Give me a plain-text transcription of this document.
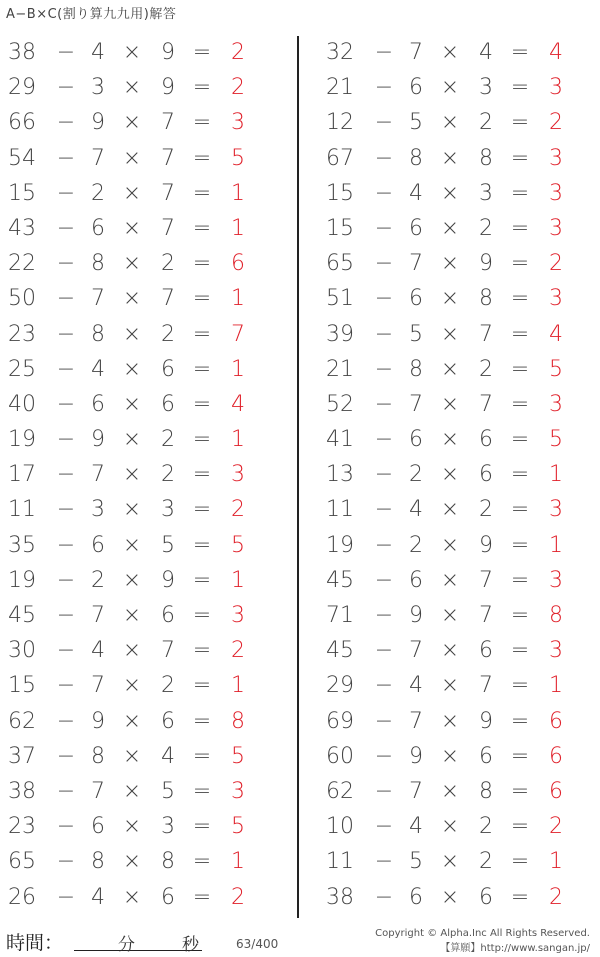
A−B×C(割り算九九用)解答
38 − 4 × 9 = 2
29 − 3 × 9 = 2
66 − 9 × 7 = 3
54 − 7 × 7 = 5
15 − 2 × 7 = 1
43 − 6 × 7 = 1
22 − 8 × 2 = 6
50 − 7 × 7 = 1
23 − 8 × 2 = 7
25 − 4 × 6 = 1
40 − 6 × 6 = 4
19 − 9 × 2 = 1
17 − 7 × 2 = 3
11 − 3 × 3 = 2
35 − 6 × 5 = 5
19 − 2 × 9 = 1
45 − 7 × 6 = 3
30 − 4 × 7 = 2
15 − 7 × 2 = 1
62 − 9 × 6 = 8
37 − 8 × 4 = 5
38 − 7 × 5 = 3
23 − 6 × 3 = 5
65 − 8 × 8 = 1
26 − 4 × 6 = 2
32 − 7 × 4 = 4
21 − 6 × 3 = 3
12 − 5 × 2 = 2
67 − 8 × 8 = 3
15 − 4 × 3 = 3
15 − 6 × 2 = 3
65 − 7 × 9 = 2
51 − 6 × 8 = 3
39 − 5 × 7 = 4
21 − 8 × 2 = 5
52 − 7 × 7 = 3
41 − 6 × 6 = 5
13 − 2 × 6 = 1
11 − 4 × 2 = 3
19 − 2 × 9 = 1
45 − 6 × 7 = 3
71 − 9 × 7 = 8
45 − 7 × 6 = 3
29 − 4 × 7 = 1
69 − 7 × 9 = 6
60 − 9 × 6 = 6
62 − 7 × 8 = 6
10 − 4 × 2 = 2
11 − 5 × 2 = 1
38 − 6 × 6 = 2
時間：	分	秒	63/400
Copyright © Alpha.Inc All Rights Reserved.
【算願】http://www.sangan.jp/
